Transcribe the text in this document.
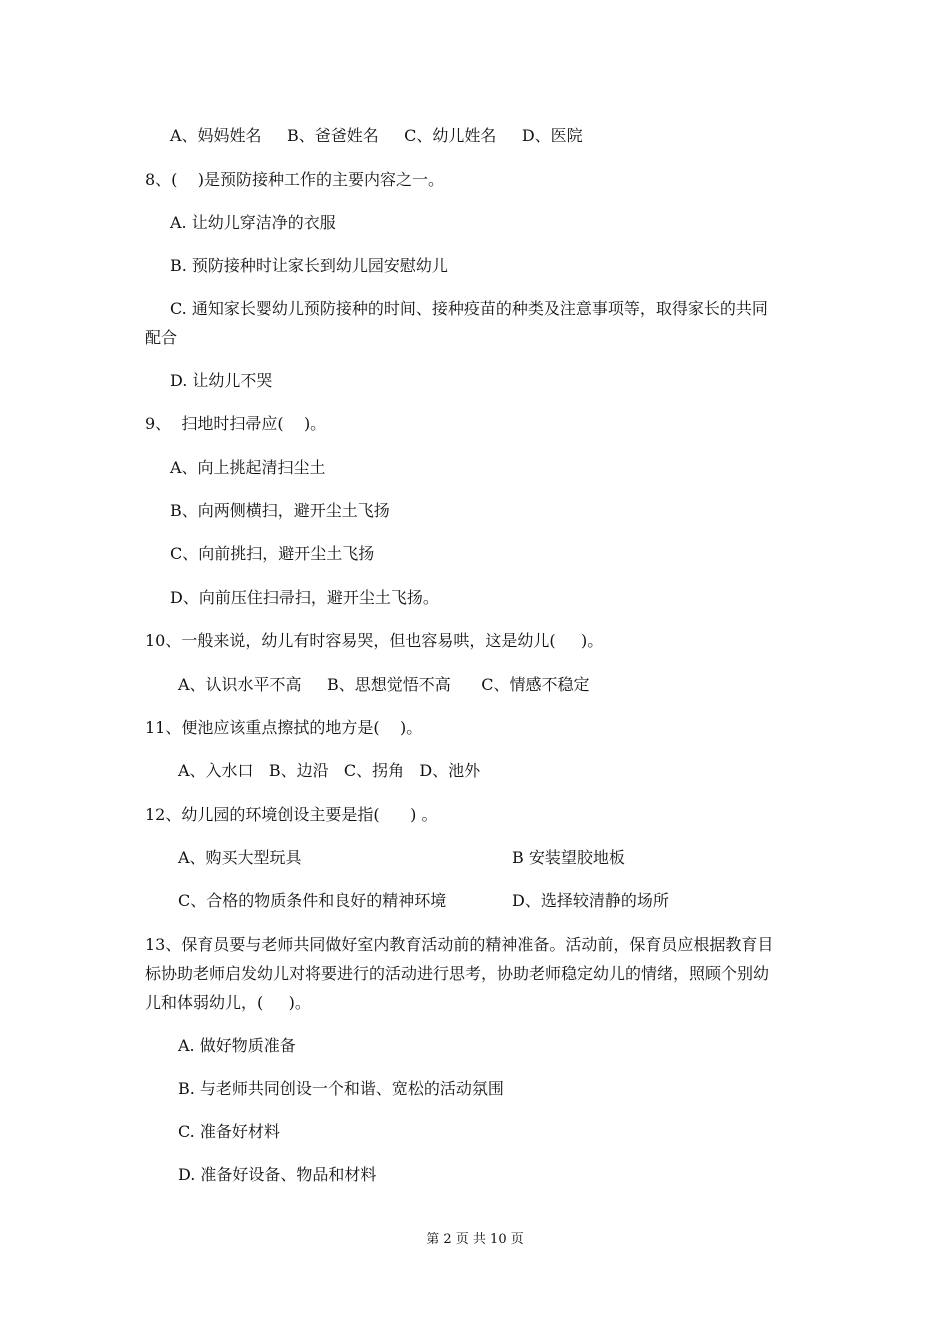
A、妈妈姓名     B、爸爸姓名     C、幼儿姓名     D、医院
8、(    )是预防接种工作的主要内容之一。
A. 让幼儿穿洁净的衣服
B. 预防接种时让家长到幼儿园安慰幼儿
C. 通知家长婴幼儿预防接种的时间、接种疫苗的种类及注意事项等，取得家长的共同
配合
D. 让幼儿不哭
9、  扫地时扫帚应(    )。
A、向上挑起清扫尘土
B、向两侧横扫，避开尘土飞扬
C、向前挑扫，避开尘土飞扬
D、向前压住扫帚扫，避开尘土飞扬。
10、一般来说，幼儿有时容易哭，但也容易哄，这是幼儿(     )。
A、认识水平不高     B、思想觉悟不高      C、情感不稳定
11、便池应该重点擦拭的地方是(    )。
A、入水口   B、边沿   C、拐角   D、池外
12、幼儿园的环境创设主要是指(      ) 。
A、购买大型玩具	B 安装望胶地板
C、合格的物质条件和良好的精神环境	D、选择较清静的场所
13、保育员要与老师共同做好室内教育活动前的精神准备。活动前，保育员应根据教育目
标协助老师启发幼儿对将要进行的活动进行思考，协助老师稳定幼儿的情绪，照顾个别幼
儿和体弱幼儿，(     )。
A. 做好物质准备
B. 与老师共同创设一个和谐、宽松的活动氛围
C. 准备好材料
D. 准备好设备、物品和材料
第 2 页 共 10 页
